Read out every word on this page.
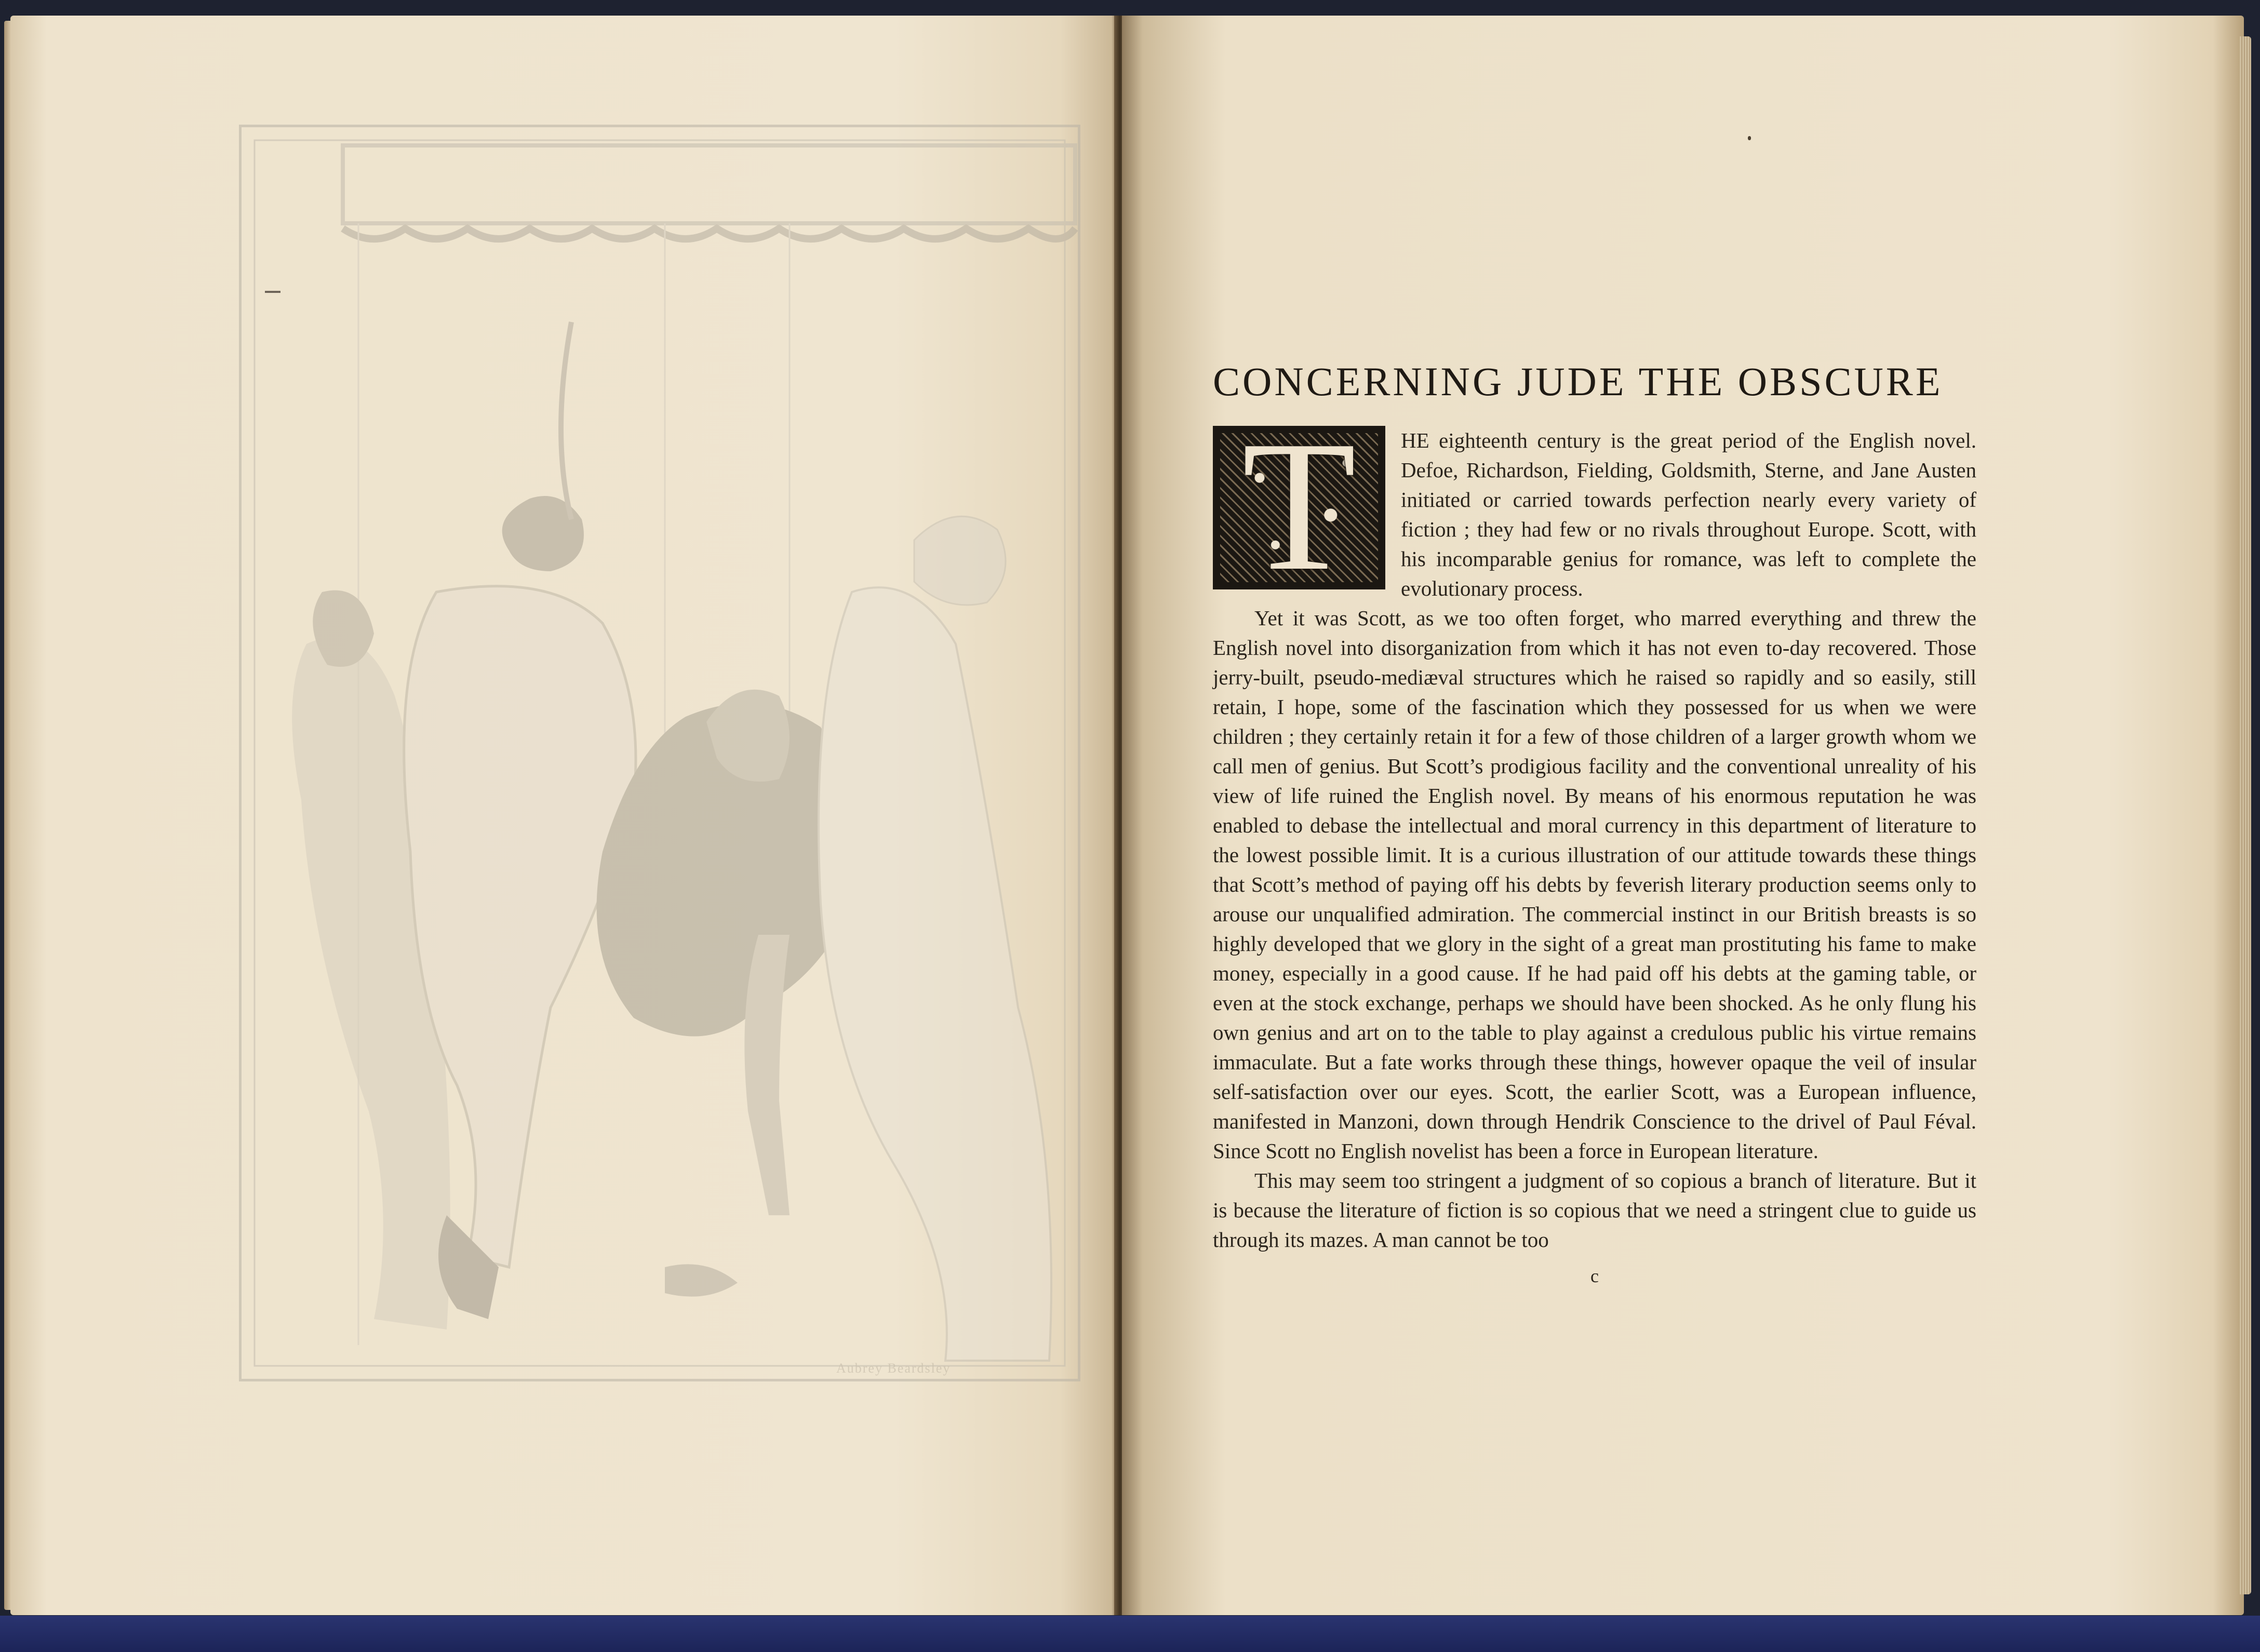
Aubrey Beardsley
CONCERNING JUDE THE OBSCURE
T	HE eighteenth century is the great period of the English novel. Defoe, Richardson, Fielding, Goldsmith, Sterne, and Jane Austen initiated or carried towards perfection nearly every variety of fiction ; they had few or no rivals throughout Europe. Scott, with his incomparable genius for romance, was left to complete the evolutionary process.

Yet it was Scott, as we too often forget, who marred everything and threw the English novel into disorganization from which it has not even to-day recovered. Those jerry-built, pseudo-mediæval structures which he raised so rapidly and so easily, still retain, I hope, some of the fascination which they possessed for us when we were children ; they certainly retain it for a few of those children of a larger growth whom we call men of genius. But Scott’s prodigious facility and the conventional unreality of his view of life ruined the English novel. By means of his enormous reputation he was enabled to debase the intellectual and moral currency in this department of literature to the lowest possible limit. It is a curious illustration of our attitude towards these things that Scott’s method of paying off his debts by feverish literary production seems only to arouse our unqualified admiration. The commercial instinct in our British breasts is so highly developed that we glory in the sight of a great man prostituting his fame to make money, especially in a good cause. If he had paid off his debts at the gaming table, or even at the stock exchange, perhaps we should have been shocked. As he only flung his own genius and art on to the table to play against a credulous public his virtue remains immaculate. But a fate works through these things, however opaque the veil of insular self-satisfaction over our eyes. Scott, the earlier Scott, was a European influence, manifested in Manzoni, down through Hendrik Conscience to the drivel of Paul Féval. Since Scott no English novelist has been a force in European literature.

This may seem too stringent a judgment of so copious a branch of literature. But it is because the literature of fiction is so copious that we need a stringent clue to guide us through its mazes. A man cannot be too

c
